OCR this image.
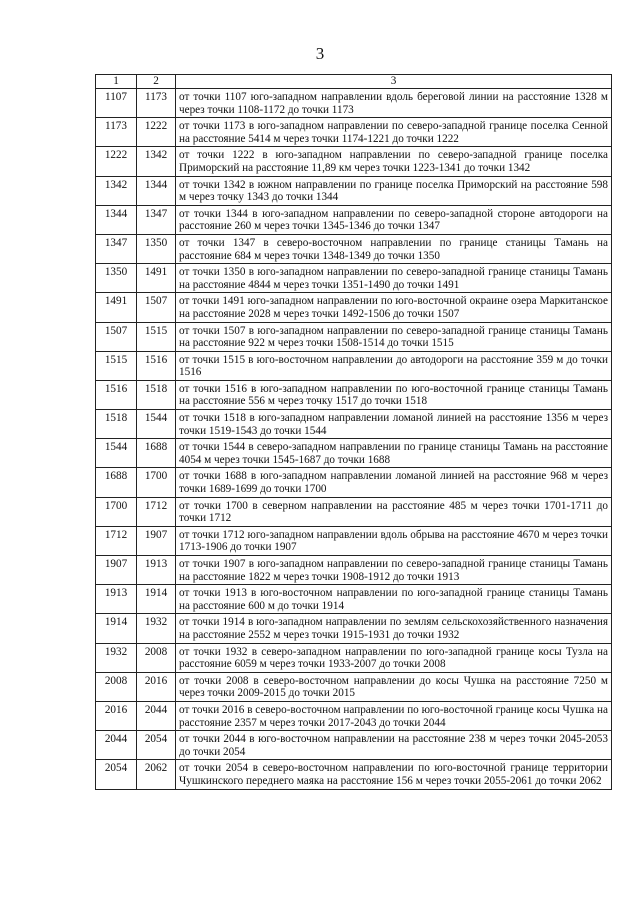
3
1	2	3
1107	1173	от точки 1107 юго-западном направлении вдоль береговой линии на расстояние 1328 м через точки 1108-1172 до точки 1173
1173	1222	от точки 1173 в юго-западном направлении по северо-западной границе поселка Сенной на расстояние 5414 м через точки 1174-1221 до точки 1222
1222	1342	от точки 1222 в юго-западном направлении по северо-западной границе поселка Приморский на расстояние 11,89 км через точки 1223-1341 до точки 1342
1342	1344	от точки 1342 в южном направлении по границе поселка Приморский на расстояние 598 м через точку 1343 до точки 1344
1344	1347	от точки 1344 в юго-западном направлении по северо-западной стороне автодороги на расстояние 260 м через точки 1345-1346 до точки 1347
1347	1350	от точки 1347 в северо-восточном направлении по границе станицы Тамань на расстояние 684 м через точки 1348-1349 до точки 1350
1350	1491	от точки 1350 в юго-западном направлении по северо-западной границе станицы Тамань на расстояние 4844 м через точки 1351-1490 до точки 1491
1491	1507	от точки 1491 юго-западном направлении по юго-восточной окраине озера Маркитанское на расстояние 2028 м через точки 1492-1506 до точки 1507
1507	1515	от точки 1507 в юго-западном направлении по северо-западной границе станицы Тамань на расстояние 922 м через точки 1508-1514 до точки 1515
1515	1516	от точки 1515 в юго-восточном направлении до автодороги на расстояние 359 м до точки 1516
1516	1518	от точки 1516 в юго-западном направлении по юго-восточной границе станицы Тамань на расстояние 556 м через точку 1517 до точки 1518
1518	1544	от точки 1518 в юго-западном направлении ломаной линией на расстояние 1356 м через точки 1519-1543 до точки 1544
1544	1688	от точки 1544 в северо-западном направлении по границе станицы Тамань на расстояние 4054 м через точки 1545-1687 до точки 1688
1688	1700	от точки 1688 в юго-западном направлении ломаной линией на расстояние 968 м через точки 1689-1699 до точки 1700
1700	1712	от точки 1700 в северном направлении на расстояние 485 м через точки 1701-1711 до точки 1712
1712	1907	от точки 1712 юго-западном направлении вдоль обрыва на расстояние 4670 м через точки 1713-1906 до точки 1907
1907	1913	от точки 1907 в юго-западном направлении по северо-западной границе станицы Тамань на расстояние 1822 м через точки 1908-1912 до точки 1913
1913	1914	от точки 1913 в юго-восточном направлении по юго-западной границе станицы Тамань на расстояние 600 м до точки 1914
1914	1932	от точки 1914 в юго-западном направлении по землям сельскохозяйственного назначения на расстояние 2552 м через точки 1915-1931 до точки 1932
1932	2008	от точки 1932 в северо-западном направлении по юго-западной границе косы Тузла на расстояние 6059 м через точки 1933-2007 до точки 2008
2008	2016	от точки 2008 в северо-восточном направлении до косы Чушка на расстояние 7250 м через точки 2009-2015 до точки 2015
2016	2044	от точки 2016 в северо-восточном направлении по юго-восточной границе косы Чушка на расстояние 2357 м через точки 2017-2043 до точки 2044
2044	2054	от точки 2044 в юго-восточном направлении на расстояние 238 м через точки 2045-2053 до точки 2054
2054	2062	от точки 2054 в северо-восточном направлении по юго-восточной границе территории Чушкинского переднего маяка на расстояние 156 м через точки 2055-2061 до точки 2062
